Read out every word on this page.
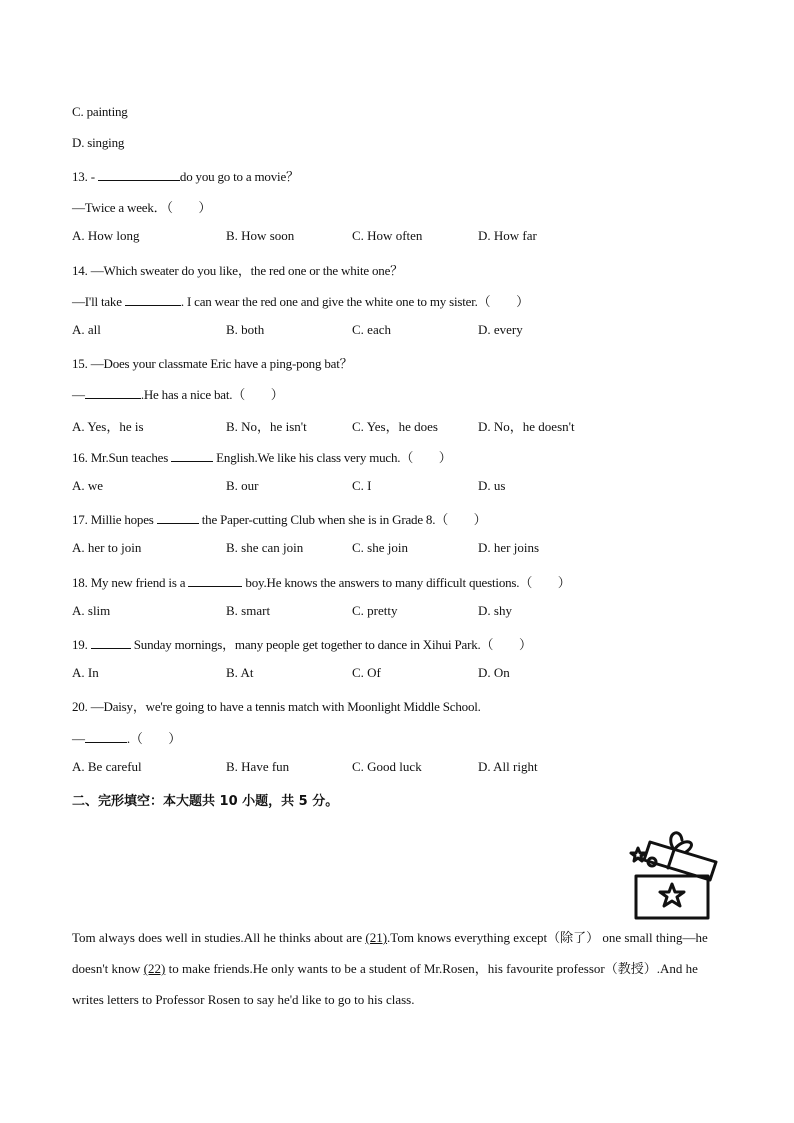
C. painting
D. singing
13. -	do you go to a movie？
—Twice a week．（　　）
A. How long	B. How soon	C. How often	D. How far
14. —Which sweater do you like，the red one or the white one？
—I'll take	. I can wear the red one and give the white one to my sister.（　　）
A. all	B. both	C. each	D. every
15. —Does your classmate Eric have a ping-pong bat？
—	.He has a nice bat.（　　）
A. Yes，he is	B. No，he isn't	C. Yes，he does	D. No，he doesn't
16. Mr.Sun teaches	English.We like his class very much.（　　）
A. we	B. our	C. I	D. us
17. Millie hopes	the Paper-cutting Club when she is in Grade 8.（　　）
A. her to join	B. she can join	C. she join	D. her joins
18. My new friend is a	boy.He knows the answers to many difficult questions.（　　）
A. slim	B. smart	C. pretty	D. shy
19.	Sunday mornings，many people get together to dance in Xihui Park.（　　）
A. In	B. At	C. Of	D. On
20. —Daisy，we're going to have a tennis match with Moonlight Middle School.
—	.（　　）
A. Be careful	B. Have fun	C. Good luck	D. All right
二、完形填空：本大题共 10 小题，共 5 分。
Tom always does well in studies.All he thinks about are (21).Tom knows everything except（除了） one small thing—he doesn't know (22) to make friends.He only wants to be a student of Mr.Rosen，his favourite professor（教授）.And he writes letters to Professor Rosen to say he'd like to go to his class.
